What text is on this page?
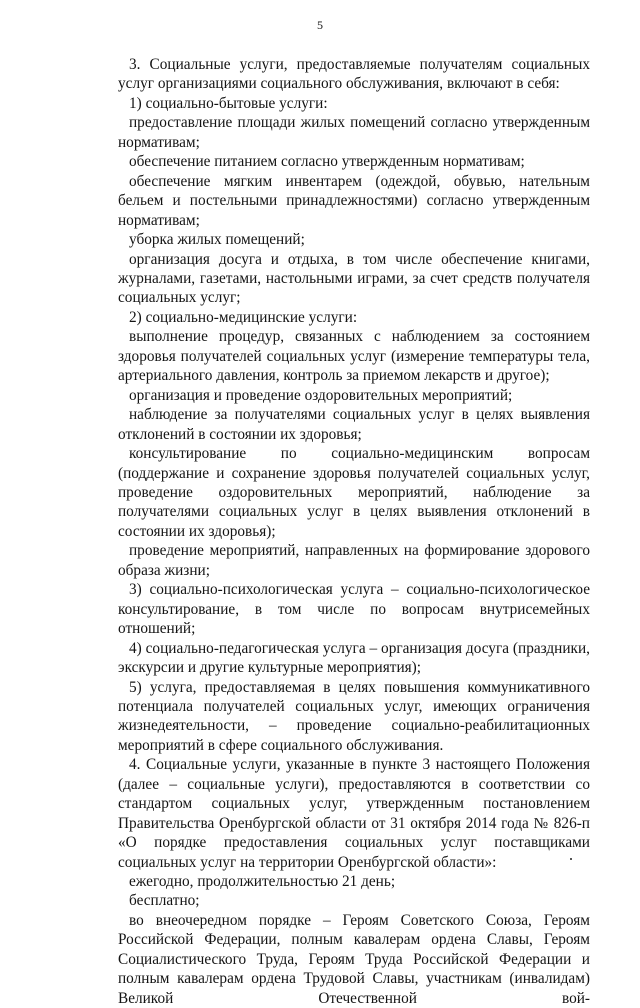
5

3. Социальные услуги, предоставляемые получателям социальных услуг организациями социального обслуживания, включают в себя:

1) социально-бытовые услуги:

предоставление площади жилых помещений согласно утвержденным нормативам;

обеспечение питанием согласно утвержденным нормативам;

обеспечение мягким инвентарем (одеждой, обувью, нательным бельем и постельными принадлежностями) согласно утвержденным нормативам;

уборка жилых помещений;

организация досуга и отдыха, в том числе обеспечение книгами, журналами, газетами, настольными играми, за счет средств получателя социальных услуг;

2) социально-медицинские услуги:

выполнение процедур, связанных с наблюдением за состоянием здоровья получателей социальных услуг (измерение температуры тела, артериального давления, контроль за приемом лекарств и другое);

организация и проведение оздоровительных мероприятий;

наблюдение за получателями социальных услуг в целях выявления отклонений в состоянии их здоровья;

консультирование по социально-медицинским вопросам (поддержание и сохранение здоровья получателей социальных услуг, проведение оздоровительных мероприятий, наблюдение за получателями социальных услуг в целях выявления отклонений в состоянии их здоровья);

проведение мероприятий, направленных на формирование здорового образа жизни;

3) социально-психологическая услуга – социально-психологическое консультирование, в том числе по вопросам внутрисемейных отношений;

4) социально-педагогическая услуга – организация досуга (праздники, экскурсии и другие культурные мероприятия);

5) услуга, предоставляемая в целях повышения коммуникативного потенциала получателей социальных услуг, имеющих ограничения жизнедеятельности, – проведение социально-реабилитационных мероприятий в сфере социального обслуживания.

4. Социальные услуги, указанные в пункте 3 настоящего Положения (далее – социальные услуги), предоставляются в соответствии со стандартом социальных услуг, утвержденным постановлением Правительства Оренбургской области от 31 октября 2014 года № 826-п «О порядке предоставления социальных услуг поставщиками социальных услуг на территории Оренбургской области»:

ежегодно, продолжительностью 21 день;

бесплатно;

во внеочередном порядке – Героям Советского Союза, Героям Российской Федерации, полным кавалерам ордена Славы, Героям Социалистического Труда, Героям Труда Российской Федерации и полным кавалерам ордена Трудовой Славы, участникам (инвалидам) Великой Отечественной вой-
